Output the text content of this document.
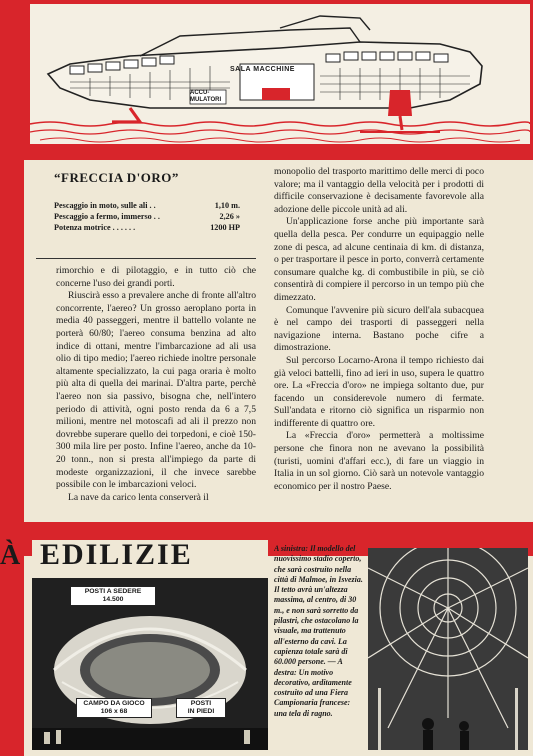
SALA MACCHINE
ACCU-
MULATORI
“FRECCIA D'ORO”
Pescaggio in moto, sulle ali . .	1,10 m.
Pescaggio a fermo, immerso . .	2,26 »
Potenza motrice . . . . . .	1200 HP

rimorchio e di pilotaggio, e in tutto ciò che concerne l'uso dei grandi porti.

Riuscirà esso a prevalere anche di fronte all'altro concorrente, l'aereo? Un grosso aeroplano porta in media 40 passeggeri, mentre il battello volante ne porterà 60/80; l'aereo consuma benzina ad alto indice di ottani, mentre l'imbarcazione ad ali usa olio di tipo medio; l'aereo richiede inoltre personale altamente specializzato, la cui paga oraria è molto più alta di quella dei marinai. D'altra parte, perchè l'aereo non sia passivo, bisogna che, nell'intero periodo di attività, ogni posto renda da 6 a 7,5 milioni, mentre nel motoscafi ad ali il prezzo non dovrebbe superare quello dei torpedoni, e cioè 150-300 mila lire per posto. Infine l'aereo, anche da 10-20 tonn., non si presta all'impiego da parte di modeste organizzazioni, il che invece sarebbe possibile con le imbarcazioni veloci.

La nave da carico lenta conserverà il

monopolio del trasporto marittimo delle merci di poco valore; ma il vantaggio della velocità per i prodotti di difficile conservazione è decisamente favorevole alla adozione delle piccole unità ad ali.

Un'applicazione forse anche più importante sarà quella della pesca. Per condurre un equipaggio nelle zone di pesca, ad alcune centinaia di km. di distanza, o per trasportare il pesce in porto, converrà certamente consumare qualche kg. di combustibile in più, se ciò consentirà di compiere il percorso in un tempo più che dimezzato.

Comunque l'avvenire più sicuro dell'ala subacquea è nel campo dei trasporti di passeggeri nella navigazione interna. Bastano poche cifre a dimostrazione.

Sul percorso Locarno-Arona il tempo richiesto dai già veloci battelli, fino ad ieri in uso, supera le quattro ore. La «Freccia d'oro» ne impiega soltanto due, pur facendo un considerevole numero di fermate. Sull'andata e ritorno ciò significa un risparmio non indifferente di quattro ore.

La «Freccia d'oro» permetterà a moltissime persone che finora non ne avevano la possibilità (turisti, uomini d'affari ecc.), di fare un viaggio in Italia in un sol giorno. Ciò sarà un notevole vantaggio economico per il nostro Paese.

À EDILIZIE
POSTI A SEDERE
14.500
CAMPO DA GIOCO
106 x 68
POSTI
IN PIEDI
A sinistra: Il modello del nuovissimo stadio coperto, che sarà costruito nella città di Malmoe, in Isvezia. Il tetto avrà un'altezza massima, al centro, di 30 m., e non sarà sorretto da pilastri, che ostacolano la visuale, ma trattenuto all'esterno da cavi. La capienza totale sarà di 60.000 persone. — A destra: Un motivo decorativo, arditamente costruito ad una Fiera Campionaria francese: una tela di ragno.
